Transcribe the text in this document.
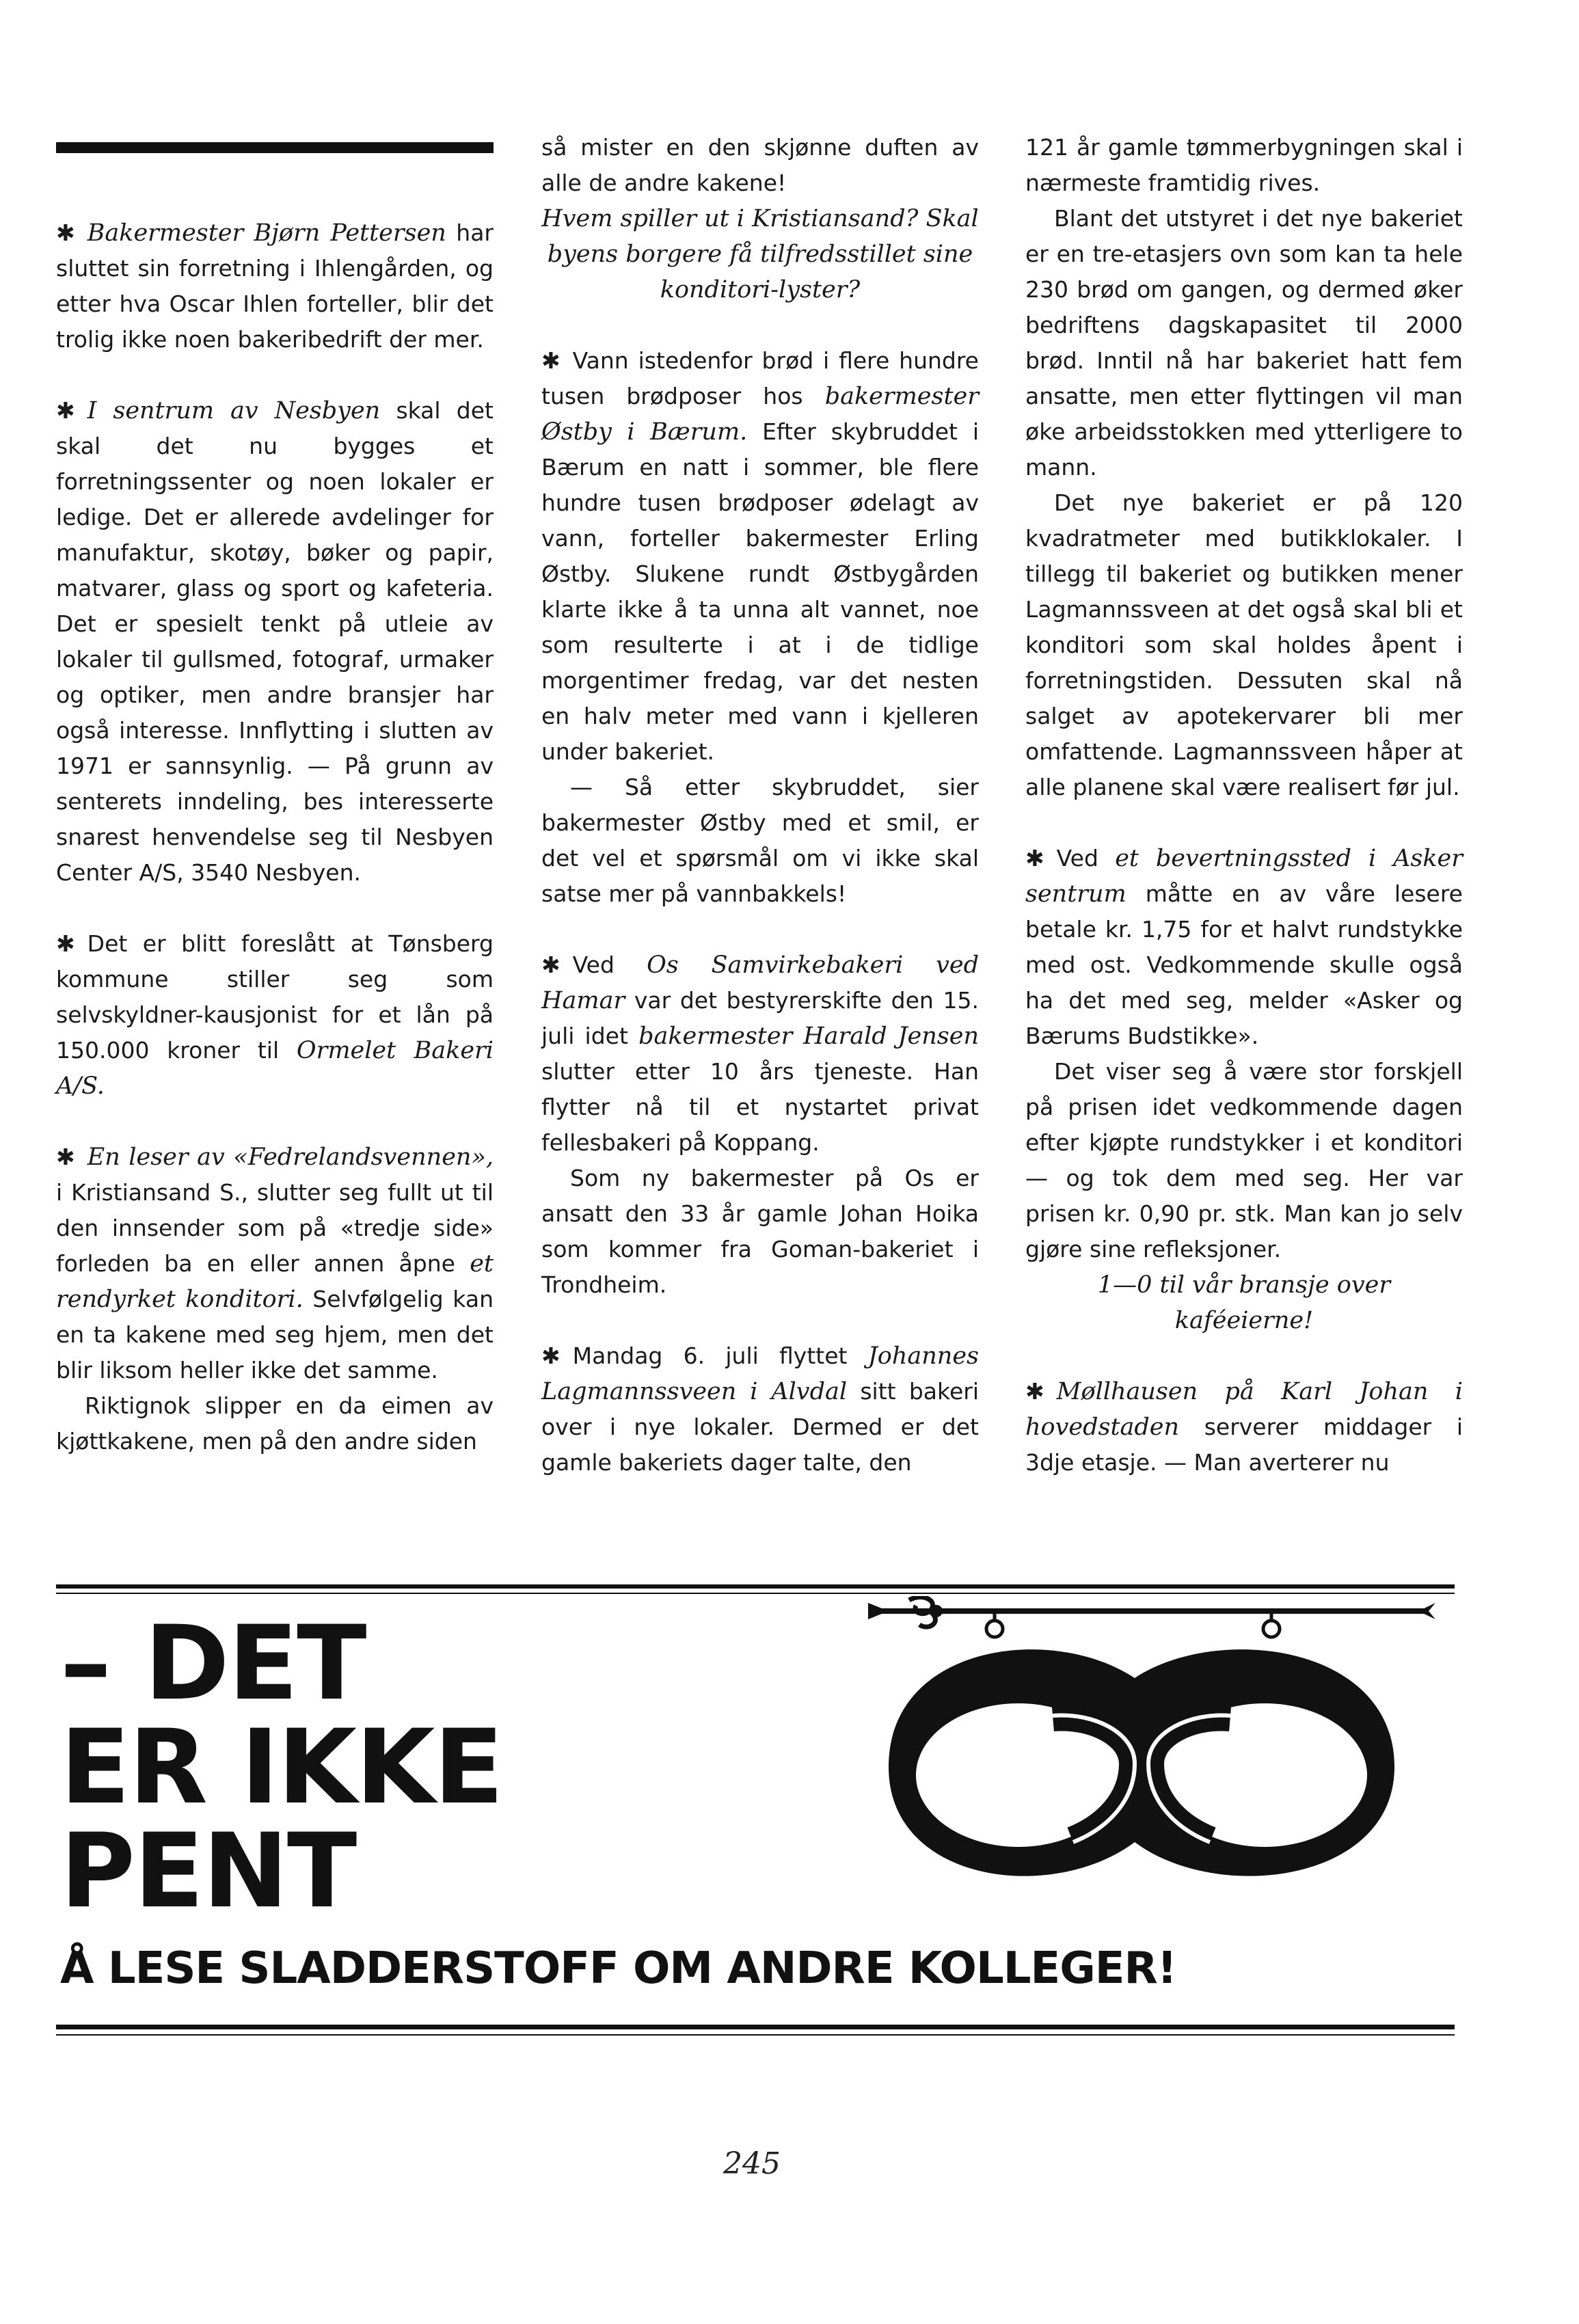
✱ Bakermester Bjørn Pettersen har sluttet sin forretning i Ihlengården, og etter hva Oscar Ihlen forteller, blir det trolig ikke noen bakeribedrift der mer.

✱ I sentrum av Nesbyen skal det skal det nu bygges et forretningssenter og noen lokaler er ledige. Det er allerede avdelinger for manufaktur, skotøy, bøker og papir, matvarer, glass og sport og kafeteria. Det er spesielt tenkt på utleie av lokaler til gullsmed, fotograf, urmaker og optiker, men andre bransjer har også interesse. Innflytting i slutten av 1971 er sannsynlig. — På grunn av senterets inndeling, bes interesserte snarest henvendelse seg til Nesbyen Center A/S, 3540 Nesbyen.

✱ Det er blitt foreslått at Tønsberg kommune stiller seg som selvskyldner-kausjonist for et lån på 150.000 kroner til Ormelet Bakeri A/S.

✱ En leser av «Fedrelandsvennen», i Kristiansand S., slutter seg fullt ut til den innsender som på «tredje side» forleden ba en eller annen åpne et rendyrket konditori. Selvfølgelig kan en ta kakene med seg hjem, men det blir liksom heller ikke det samme.

Riktignok slipper en da eimen av kjøttkakene, men på den andre siden

så mister en den skjønne duften av alle de andre kakene!

Hvem spiller ut i Kristiansand? Skal byens borgere få tilfredsstillet sine konditori-lyster?

✱ Vann istedenfor brød i flere hundre tusen brødposer hos bakermester Østby i Bærum. Efter skybruddet i Bærum en natt i sommer, ble flere hundre tusen brødposer ødelagt av vann, forteller bakermester Erling Østby. Slukene rundt Østbygården klarte ikke å ta unna alt vannet, noe som resulterte i at i de tidlige morgentimer fredag, var det nesten en halv meter med vann i kjelleren under bakeriet.

— Så etter skybruddet, sier bakermester Østby med et smil, er det vel et spørsmål om vi ikke skal satse mer på vannbakkels!

✱ Ved Os Samvirkebakeri ved Hamar var det bestyrerskifte den 15. juli idet bakermester Harald Jensen slutter etter 10 års tjeneste. Han flytter nå til et nystartet privat fellesbakeri på Koppang.

Som ny bakermester på Os er ansatt den 33 år gamle Johan Hoika som kommer fra Goman-bakeriet i Trondheim.

✱ Mandag 6. juli flyttet Johannes Lagmannssveen i Alvdal sitt bakeri over i nye lokaler. Dermed er det gamle bakeriets dager talte, den

121 år gamle tømmerbygningen skal i nærmeste framtidig rives.

Blant det utstyret i det nye bakeriet er en tre-etasjers ovn som kan ta hele 230 brød om gangen, og dermed øker bedriftens dagskapasitet til 2000 brød. Inntil nå har bakeriet hatt fem ansatte, men etter flyttingen vil man øke arbeidsstokken med ytterligere to mann.

Det nye bakeriet er på 120 kvadratmeter med butikklokaler. I tillegg til bakeriet og butikken mener Lagmannssveen at det også skal bli et konditori som skal holdes åpent i forretningstiden. Dessuten skal nå salget av apotekervarer bli mer omfattende. Lagmannssveen håper at alle planene skal være realisert før jul.

✱ Ved et bevertningssted i Asker sentrum måtte en av våre lesere betale kr. 1,75 for et halvt rundstykke med ost. Vedkommende skulle også ha det med seg, melder «Asker og Bærums Budstikke».

Det viser seg å være stor forskjell på prisen idet vedkommende dagen efter kjøpte rundstykker i et konditori — og tok dem med seg. Her var prisen kr. 0,90 pr. stk. Man kan jo selv gjøre sine refleksjoner.

1—0 til vår bransje over kaféeierne!

✱ Møllhausen på Karl Johan i hovedstaden serverer middager i 3dje etasje. — Man averterer nu

– DET
ER IKKE
PENT
Å LESE SLADDERSTOFF OM ANDRE KOLLEGER!
245
